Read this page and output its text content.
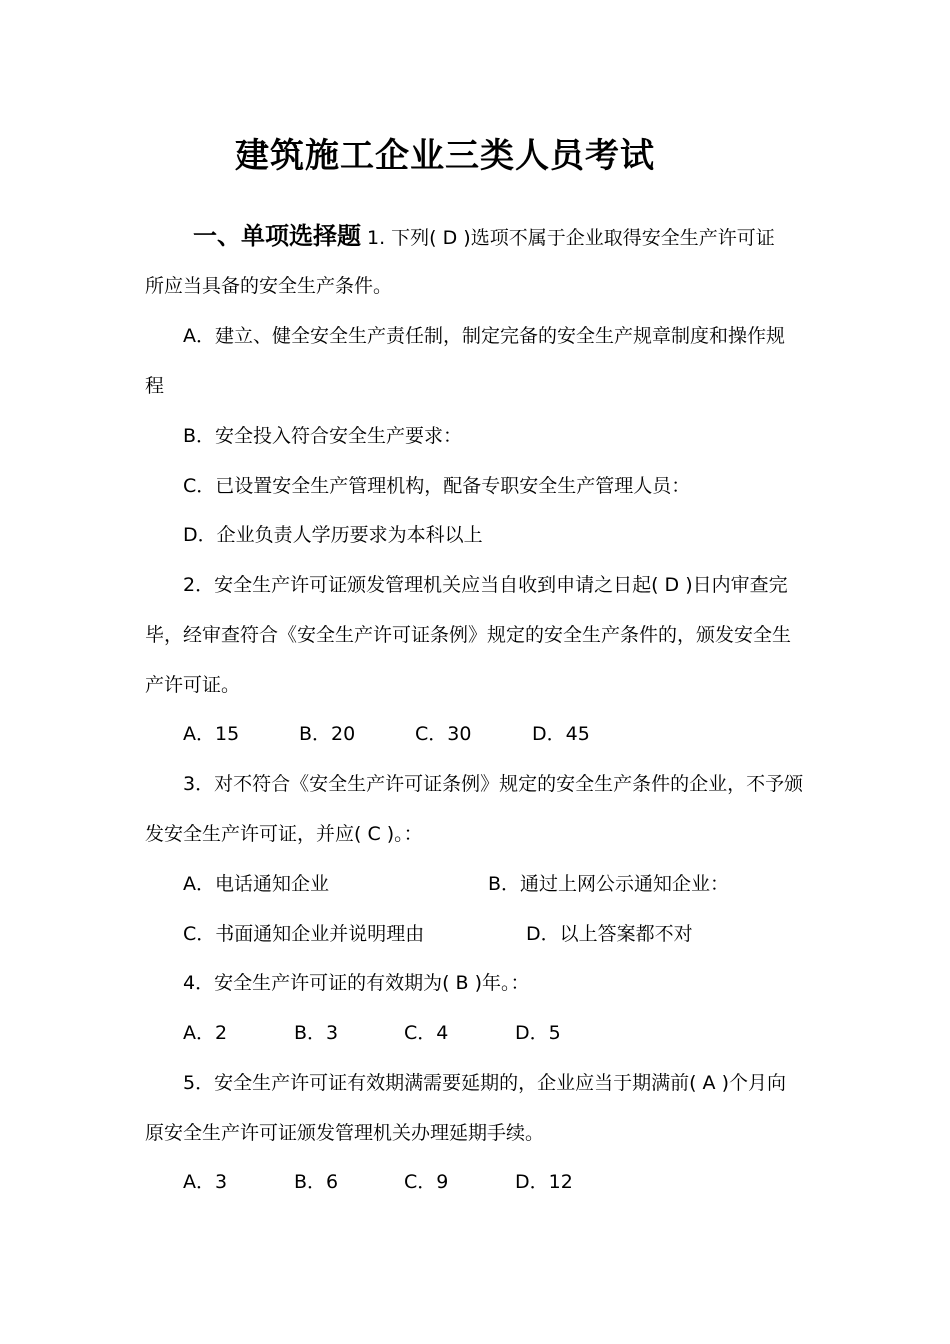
建筑施工企业三类人员考试
一、单项选择题 1. 下列( D )选项不属于企业取得安全生产许可证
所应当具备的安全生产条件。
A．建立、健全安全生产责任制，制定完备的安全生产规章制度和操作规
程
B．安全投入符合安全生产要求：
C．已设置安全生产管理机构，配备专职安全生产管理人员：
D．企业负责人学历要求为本科以上
2．安全生产许可证颁发管理机关应当自收到申请之日起( D )日内审查完
毕，经审查符合《安全生产许可证条例》规定的安全生产条件的，颁发安全生
产许可证。
A．15	B．20	C．30	D．45
3．对不符合《安全生产许可证条例》规定的安全生产条件的企业，不予颁
发安全生产许可证，并应( C )。：
A．电话通知企业	B．通过上网公示通知企业：
C．书面通知企业并说明理由	D．以上答案都不对
4．安全生产许可证的有效期为( B )年。：
A．2	B．3	C．4	D．5
5．安全生产许可证有效期满需要延期的，企业应当于期满前( A )个月向
原安全生产许可证颁发管理机关办理延期手续。
A．3	B．6	C．9	D．12
